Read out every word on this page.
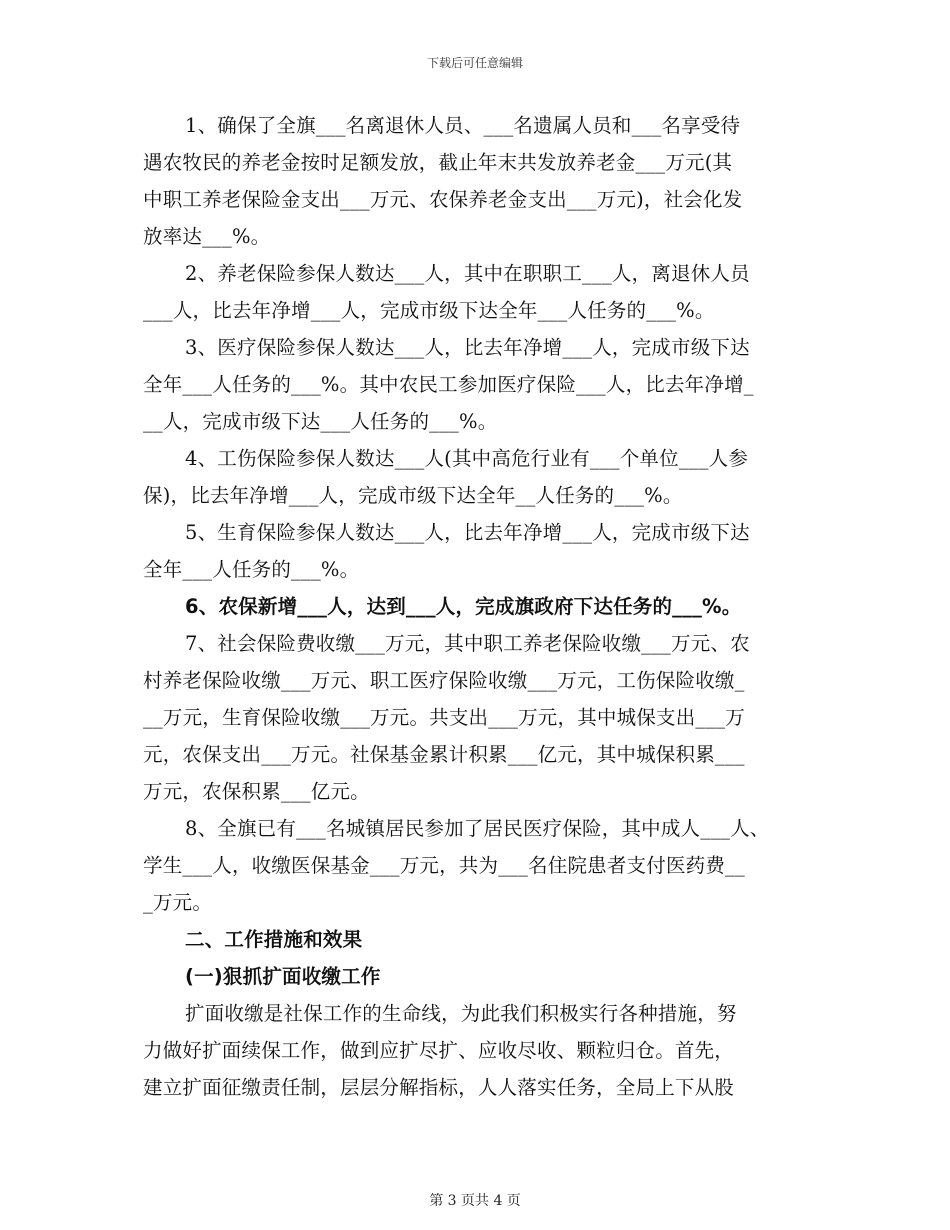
下载后可任意编辑
1、确保了全旗___名离退休人员、___名遗属人员和___名享受待
遇农牧民的养老金按时足额发放，截止年末共发放养老金___万元(其
中职工养老保险金支出___万元、农保养老金支出___万元)，社会化发
放率达___%。
2、养老保险参保人数达___人，其中在职职工___人，离退休人员
___人，比去年净增___人，完成市级下达全年___人任务的___%。
3、医疗保险参保人数达___人，比去年净增___人，完成市级下达
全年___人任务的___%。其中农民工参加医疗保险___人，比去年净增_
__人，完成市级下达___人任务的___%。
4、工伤保险参保人数达___人(其中高危行业有___个单位___人参
保)，比去年净增___人，完成市级下达全年__人任务的___%。
5、生育保险参保人数达___人，比去年净增___人，完成市级下达
全年___人任务的___%。
6、农保新增___人，达到___人，完成旗政府下达任务的___%。
7、社会保险费收缴___万元，其中职工养老保险收缴___万元、农
村养老保险收缴___万元、职工医疗保险收缴___万元，工伤保险收缴_
__万元，生育保险收缴___万元。共支出___万元，其中城保支出___万
元，农保支出___万元。社保基金累计积累___亿元，其中城保积累___
万元，农保积累___亿元。
8、全旗已有___名城镇居民参加了居民医疗保险，其中成人___人、
学生___人，收缴医保基金___万元，共为___名住院患者支付医药费__
_万元。
二、工作措施和效果
(一)狠抓扩面收缴工作
扩面收缴是社保工作的生命线，为此我们积极实行各种措施，努
力做好扩面续保工作，做到应扩尽扩、应收尽收、颗粒归仓。首先，
建立扩面征缴责任制，层层分解指标，人人落实任务，全局上下从股
第 3 页共 4 页
